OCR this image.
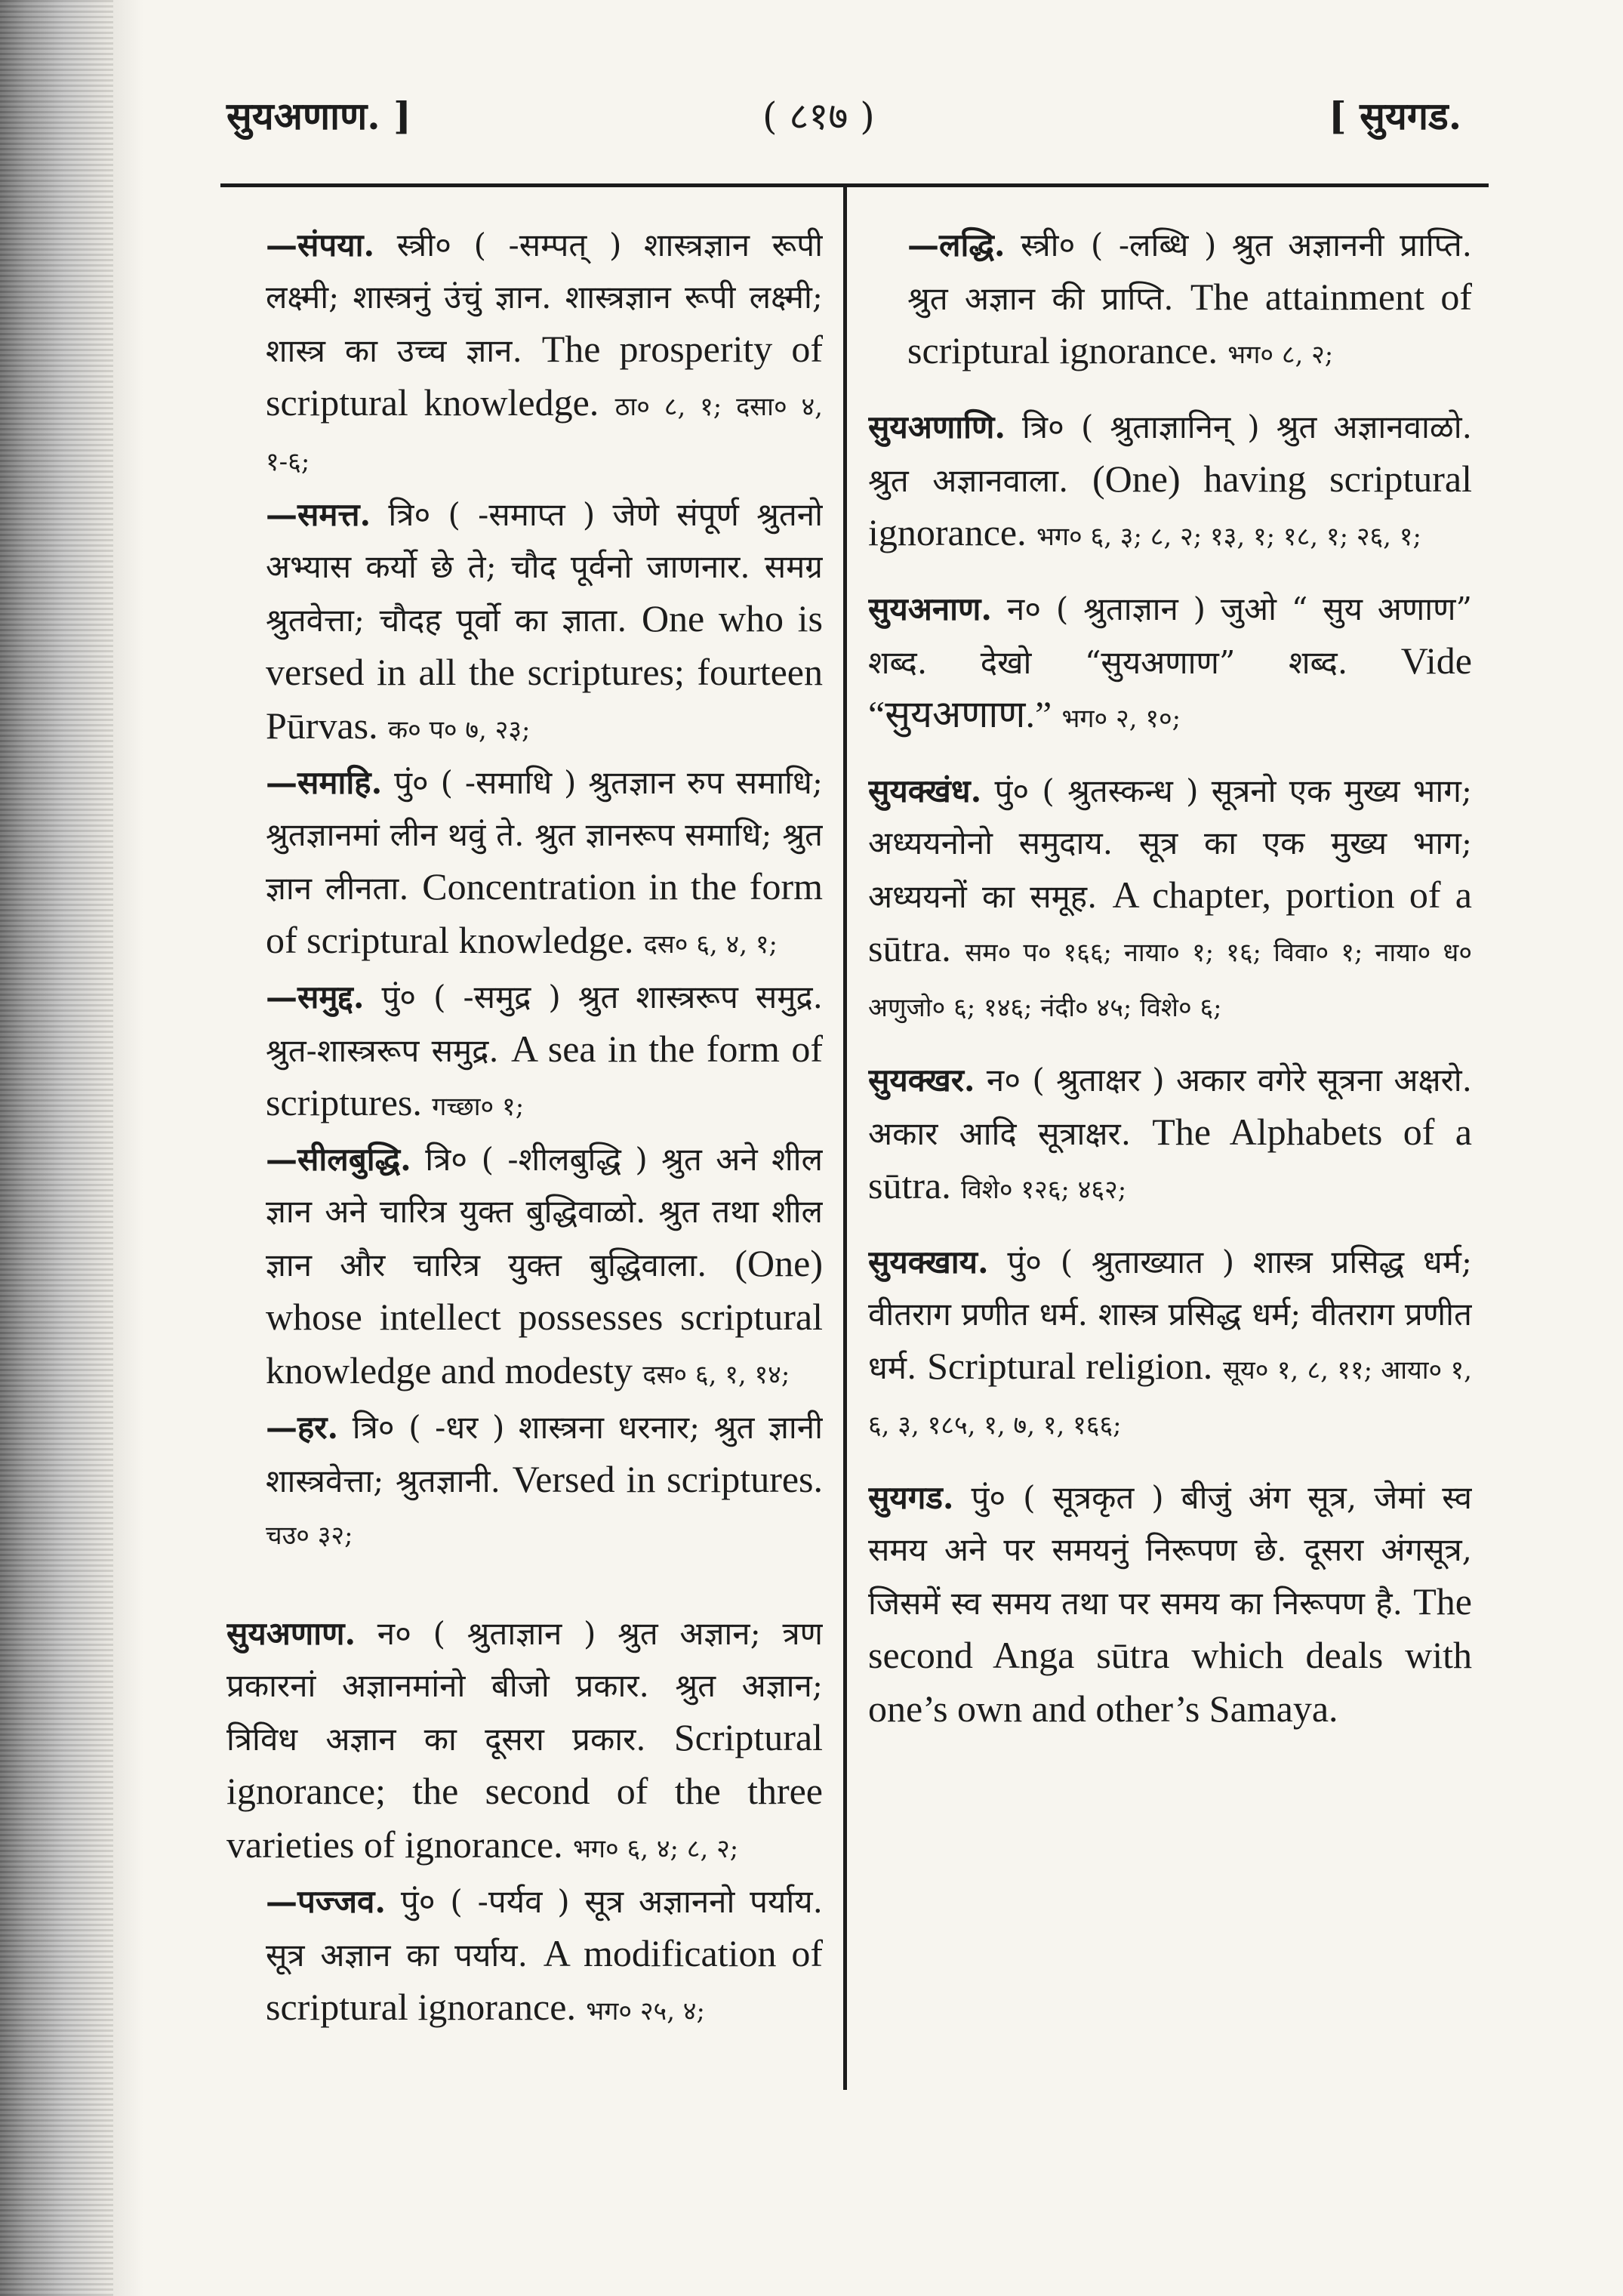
सुयअणाण. ]	( ८१७ )	[ सुयगड.

—संपया. स्त्री० ( -सम्पत् ) शास्त्रज्ञान रूपी लक्ष्मी; शास्त्रनुं उंचुं ज्ञान. शास्त्रज्ञान रूपी लक्ष्मी; शास्त्र का उच्च ज्ञान. The prosperity of scriptural knowledge. ठा० ८, १; दसा० ४, १-६;

—समत्त. त्रि० ( -समाप्त ) जेणे संपूर्ण श्रुतनो अभ्यास कर्यो छे ते; चौद पूर्वनो जाणनार. समग्र श्रुतवेत्ता; चौदह पूर्वो का ज्ञाता. One who is versed in all the scriptures; fourteen Pūrvas. क० प० ७, २३;

—समाहि. पुं० ( -समाधि ) श्रुतज्ञान रुप समाधि; श्रुतज्ञानमां लीन थवुं ते. श्रुत ज्ञानरूप समाधि; श्रुत ज्ञान लीनता. Concentration in the form of scriptural knowledge. दस० ६, ४, १;

—समुद्द. पुं० ( -समुद्र ) श्रुत शास्त्ररूप समुद्र. श्रुत-शास्त्ररूप समुद्र. A sea in the form of scriptures. गच्छा० १;

—सीलबुद्धि. त्रि० ( -शीलबुद्धि ) श्रुत अने शील ज्ञान अने चारित्र युक्त बुद्धिवाळो. श्रुत तथा शील ज्ञान और चारित्र युक्त बुद्धिवाला. (One) whose intellect possesses scriptural knowledge and modesty दस० ६, १, १४;

—हर. त्रि० ( -धर ) शास्त्रना धरनार; श्रुत ज्ञानी शास्त्रवेत्ता; श्रुतज्ञानी. Versed in scriptures. चउ० ३२;

सुयअणाण. न० ( श्रुताज्ञान ) श्रुत अज्ञान; त्रण प्रकारनां अज्ञानमांनो बीजो प्रकार. श्रुत अज्ञान; त्रिविध अज्ञान का दूसरा प्रकार. Scriptural ignorance; the second of the three varieties of ignorance. भग० ६, ४; ८, २;

—पज्जव. पुं० ( -पर्यव ) सूत्र अज्ञाननो पर्याय. सूत्र अज्ञान का पर्याय. A modification of scriptural ignorance. भग० २५, ४;

—लद्धि. स्त्री० ( -लब्धि ) श्रुत अज्ञाननी प्राप्ति. श्रुत अज्ञान की प्राप्ति. The attainment of scriptural ignorance. भग० ८, २;

सुयअणाणि. त्रि० ( श्रुताज्ञानिन् ) श्रुत अज्ञानवाळो. श्रुत अज्ञानवाला. (One) having scriptural ignorance. भग० ६, ३; ८, २; १३, १; १८, १; २६, १;

सुयअनाण. न० ( श्रुताज्ञान ) जुओ “ सुय अणाण” शब्द. देखो “सुयअणाण” शब्द. Vide “सुयअणाण.” भग० २, १०;

सुयक्खंध. पुं० ( श्रुतस्कन्ध ) सूत्रनो एक मुख्य भाग; अध्ययनोनो समुदाय. सूत्र का एक मुख्य भाग; अध्ययनों का समूह. A chapter, portion of a sūtra. सम० प० १६६; नाया० १; १६; विवा० १; नाया० ध० अणुजो० ६; १४६; नंदी० ४५; विशे० ६;

सुयक्खर. न० ( श्रुताक्षर ) अकार वगेरे सूत्रना अक्षरो. अकार आदि सूत्राक्षर. The Alphabets of a sūtra. विशे० १२६; ४६२;

सुयक्खाय. पुं० ( श्रुताख्यात ) शास्त्र प्रसिद्ध धर्म; वीतराग प्रणीत धर्म. शास्त्र प्रसिद्ध धर्म; वीतराग प्रणीत धर्म. Scriptural religion. सूय० १, ८, ११; आया० १, ६, ३, १८५, १, ७, १, १६६;

सुयगड. पुं० ( सूत्रकृत ) बीजुं अंग सूत्र, जेमां स्व समय अने पर समयनुं निरूपण छे. दूसरा अंगसूत्र, जिसमें स्व समय तथा पर समय का निरूपण है. The second Anga sūtra which deals with one’s own and other’s Samaya.
